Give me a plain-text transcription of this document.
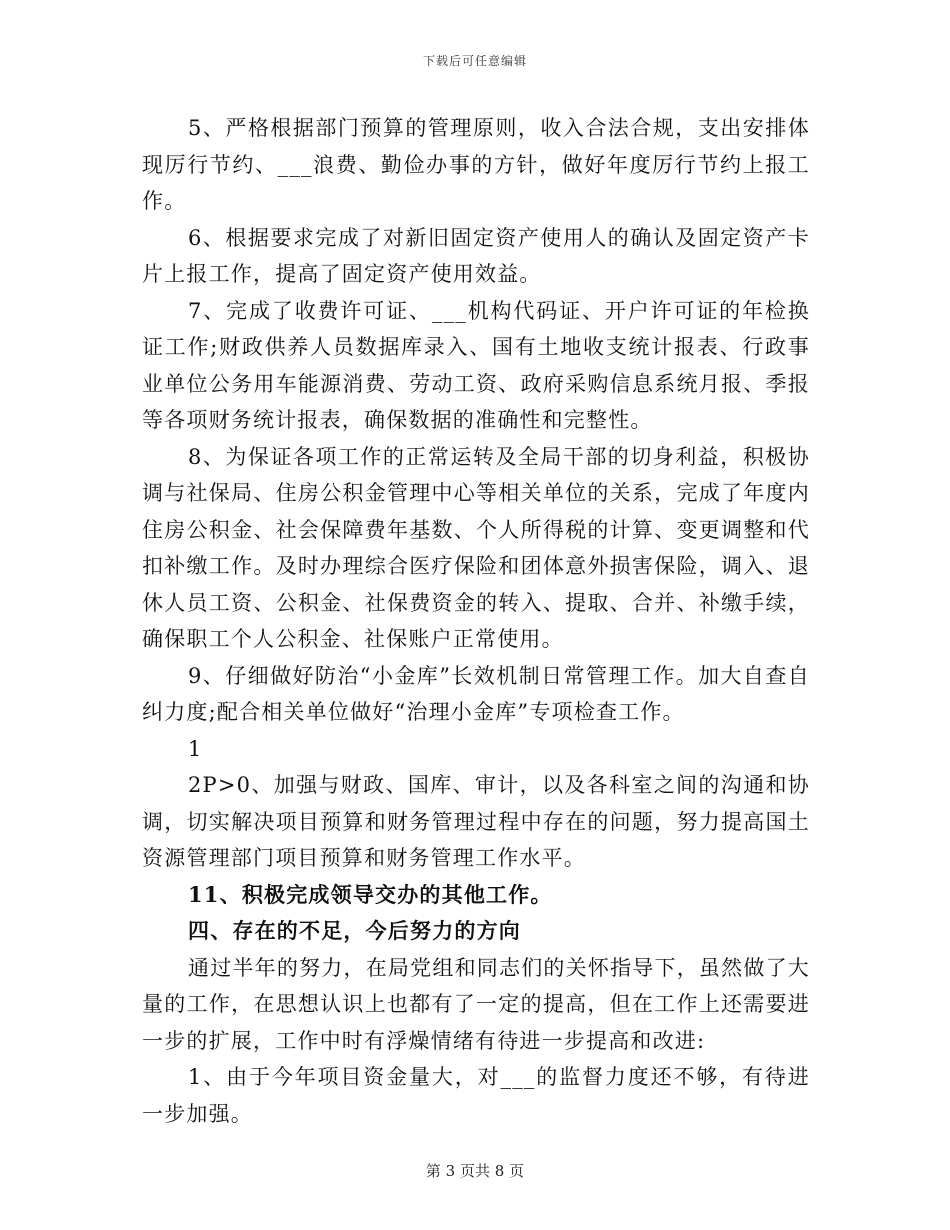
下载后可任意编辑

5、严格根据部门预算的管理原则，收入合法合规，支出安排体现厉行节约、___浪费、勤俭办事的方针，做好年度厉行节约上报工作。

6、根据要求完成了对新旧固定资产使用人的确认及固定资产卡片上报工作，提高了固定资产使用效益。

7、完成了收费许可证、___机构代码证、开户许可证的年检换证工作;财政供养人员数据库录入、国有土地收支统计报表、行政事业单位公务用车能源消费、劳动工资、政府采购信息系统月报、季报等各项财务统计报表，确保数据的准确性和完整性。

8、为保证各项工作的正常运转及全局干部的切身利益，积极协调与社保局、住房公积金管理中心等相关单位的关系，完成了年度内住房公积金、社会保障费年基数、个人所得税的计算、变更调整和代扣补缴工作。及时办理综合医疗保险和团体意外损害保险，调入、退休人员工资、公积金、社保费资金的转入、提取、合并、补缴手续，确保职工个人公积金、社保账户正常使用。

9、仔细做好防治“小金库”长效机制日常管理工作。加大自查自纠力度;配合相关单位做好“治理小金库”专项检查工作。

1

2P>0、加强与财政、国库、审计，以及各科室之间的沟通和协调，切实解决项目预算和财务管理过程中存在的问题，努力提高国土资源管理部门项目预算和财务管理工作水平。

11、积极完成领导交办的其他工作。

四、存在的不足，今后努力的方向

通过半年的努力，在局党组和同志们的关怀指导下，虽然做了大量的工作，在思想认识上也都有了一定的提高，但在工作上还需要进一步的扩展，工作中时有浮燥情绪有待进一步提高和改进:

1、由于今年项目资金量大，对___的监督力度还不够，有待进一步加强。

第 3 页共 8 页
